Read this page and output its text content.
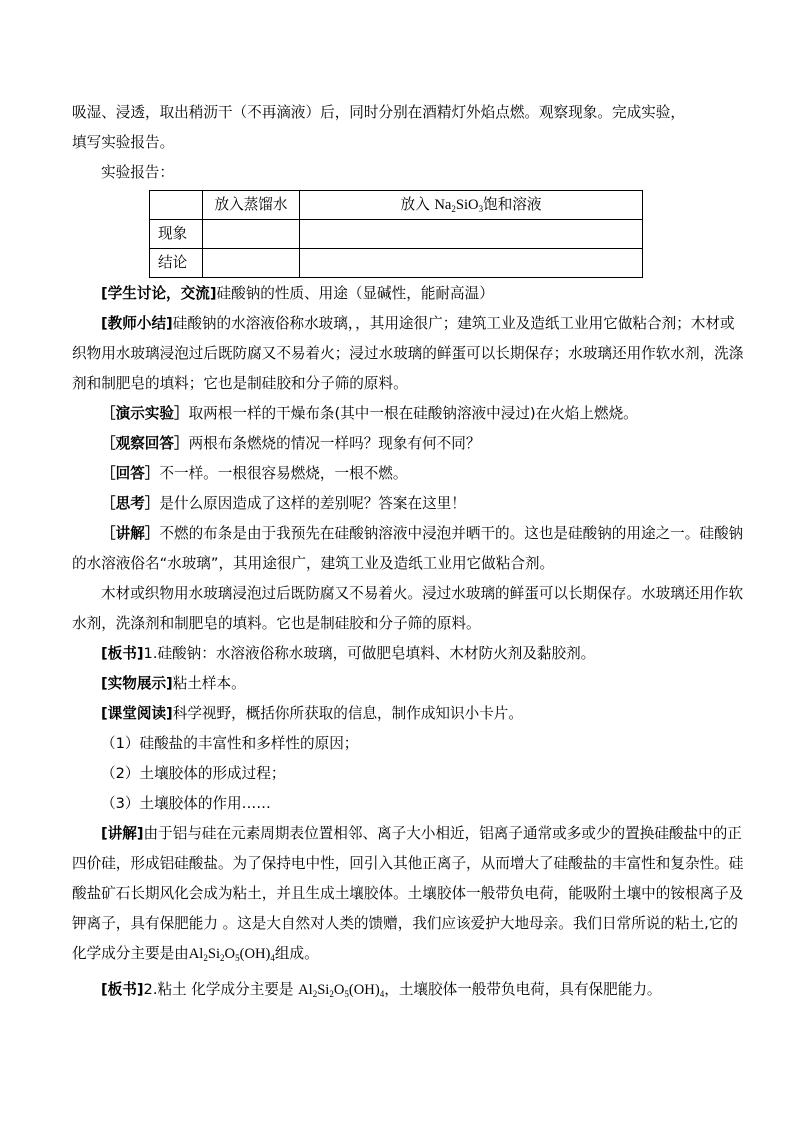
吸湿、浸透，取出稍沥干（不再滴液）后，同时分别在酒精灯外焰点燃。观察现象。完成实验，

填写实验报告。

实验报告：

	放入蒸馏水	放入 $Na_2SiO_3$饱和溶液
现象		
结论		

[学生讨论，交流]硅酸钠的性质、用途（显碱性，能耐高温）

[教师小结]硅酸钠的水溶液俗称水玻璃，，其用途很广；建筑工业及造纸工业用它做粘合剂；木材或织物用水玻璃浸泡过后既防腐又不易着火；浸过水玻璃的鲜蛋可以长期保存；水玻璃还用作软水剂，洗涤剂和制肥皂的填料；它也是制硅胶和分子筛的原料。

［演示实验］取两根一样的干燥布条(其中一根在硅酸钠溶液中浸过)在火焰上燃烧。

［观察回答］两根布条燃烧的情况一样吗？现象有何不同？

［回答］不一样。一根很容易燃烧，一根不燃。

［思考］是什么原因造成了这样的差别呢？答案在这里！

［讲解］不燃的布条是由于我预先在硅酸钠溶液中浸泡并晒干的。这也是硅酸钠的用途之一。硅酸钠的水溶液俗名“水玻璃”，其用途很广，建筑工业及造纸工业用它做粘合剂。

木材或织物用水玻璃浸泡过后既防腐又不易着火。浸过水玻璃的鲜蛋可以长期保存。水玻璃还用作软水剂，洗涤剂和制肥皂的填料。它也是制硅胶和分子筛的原料。

[板书]1.硅酸钠：水溶液俗称水玻璃，可做肥皂填料、木材防火剂及黏胶剂。

[实物展示]粘土样本。

[课堂阅读]科学视野，概括你所获取的信息，制作成知识小卡片。

（1）硅酸盐的丰富性和多样性的原因；

（2）土壤胶体的形成过程；

（3）土壤胶体的作用……

[讲解]由于铝与硅在元素周期表位置相邻、离子大小相近，铝离子通常或多或少的置换硅酸盐中的正四价硅，形成铝硅酸盐。为了保持电中性，回引入其他正离子，从而增大了硅酸盐的丰富性和复杂性。硅酸盐矿石长期风化会成为粘土，并且生成土壤胶体。土壤胶体一般带负电荷，能吸附土壤中的铵根离子及钾离子，具有保肥能力 。这是大自然对人类的馈赠，我们应该爱护大地母亲。我们日常所说的粘土,它的化学成分主要是由$Al_2Si_2O_5(OH)_4$组成。

[板书]2.粘土 化学成分主要是 $Al_2Si_2O_5(OH)_4$，土壤胶体一般带负电荷，具有保肥能力。
